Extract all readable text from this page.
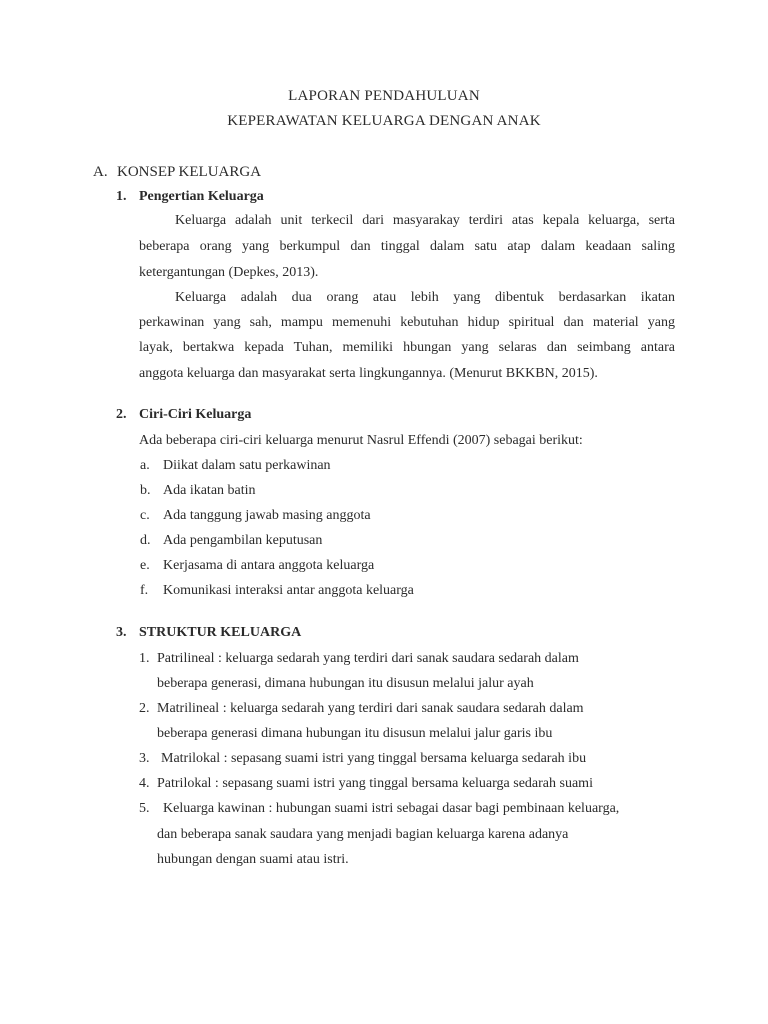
LAPORAN PENDAHULUAN
KEPERAWATAN KELUARGA DENGAN ANAK
A. KONSEP KELUARGA
1. Pengertian Keluarga
Keluarga adalah unit terkecil dari masyarakay terdiri atas kepala keluarga, serta
beberapa orang yang berkumpul dan tinggal dalam satu atap dalam keadaan saling
ketergantungan (Depkes, 2013).
Keluarga adalah dua orang atau lebih yang dibentuk berdasarkan ikatan
perkawinan yang sah, mampu memenuhi kebutuhan hidup spiritual dan material yang
layak, bertakwa kepada Tuhan, memiliki hbungan yang selaras dan seimbang antara
anggota keluarga dan masyarakat serta lingkungannya. (Menurut BKKBN, 2015).
2. Ciri-Ciri Keluarga
Ada beberapa ciri-ciri keluarga menurut Nasrul Effendi (2007) sebagai berikut:
a. Diikat dalam satu perkawinan
b. Ada ikatan batin
c. Ada tanggung jawab masing anggota
d. Ada pengambilan keputusan
e. Kerjasama di antara anggota keluarga
f. Komunikasi interaksi antar anggota keluarga
3. STRUKTUR KELUARGA
1. Patrilineal : keluarga sedarah yang terdiri dari sanak saudara sedarah dalam
beberapa generasi, dimana hubungan itu disusun melalui jalur ayah
2. Matrilineal : keluarga sedarah yang terdiri dari sanak saudara sedarah dalam
beberapa generasi dimana hubungan itu disusun melalui jalur garis ibu
3. Matrilokal : sepasang suami istri yang tinggal bersama keluarga sedarah ibu
4. Patrilokal : sepasang suami istri yang tinggal bersama keluarga sedarah suami
5. Keluarga kawinan : hubungan suami istri sebagai dasar bagi pembinaan keluarga,
dan beberapa sanak saudara yang menjadi bagian keluarga karena adanya
hubungan dengan suami atau istri.
